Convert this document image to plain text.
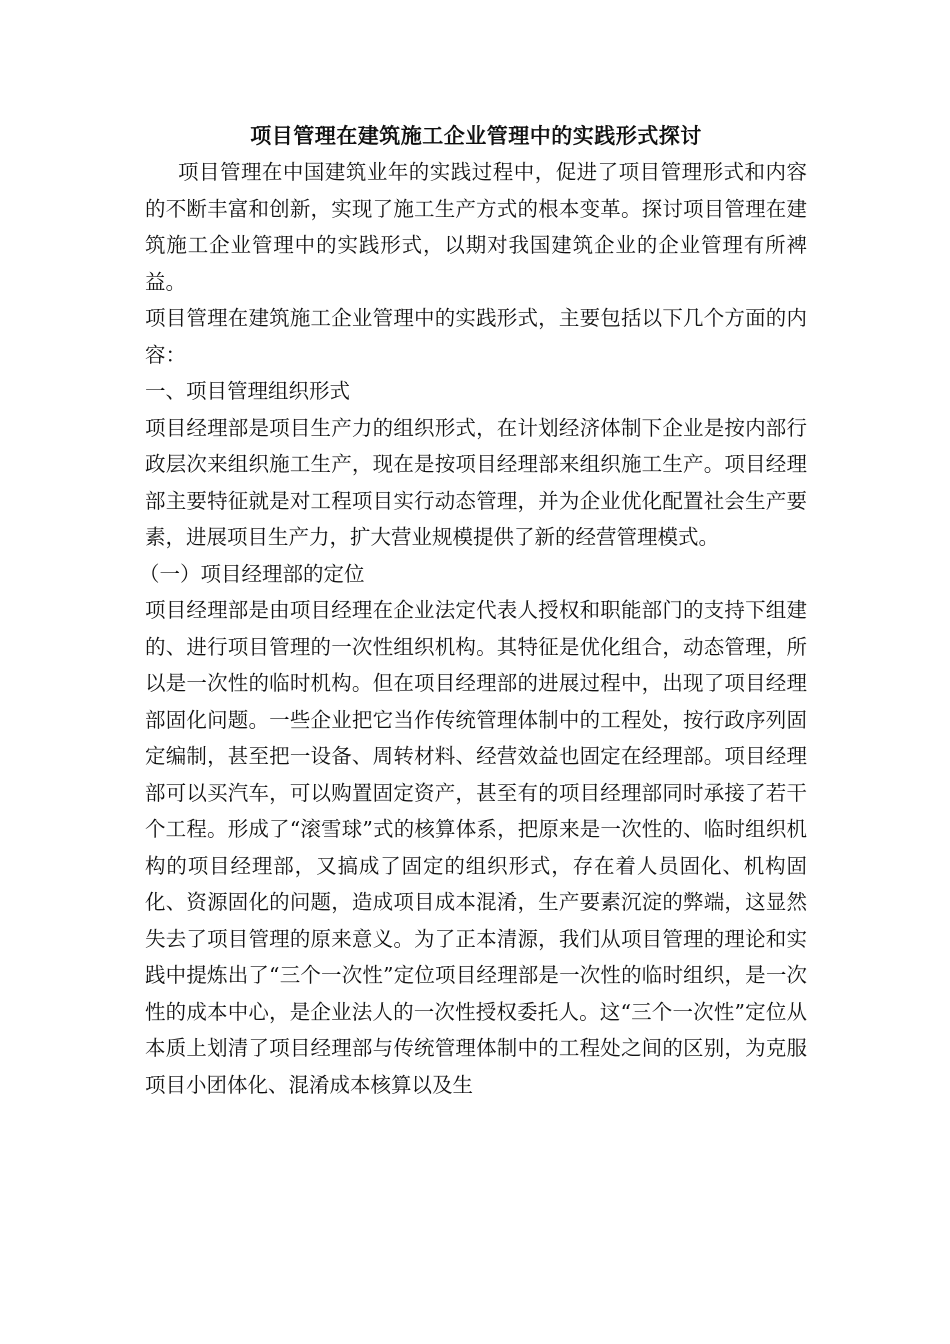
项目管理在建筑施工企业管理中的实践形式探讨

项目管理在中国建筑业年的实践过程中，促进了项目管理形式和内容的不断丰富和创新，实现了施工生产方式的根本变革。探讨项目管理在建筑施工企业管理中的实践形式，以期对我国建筑企业的企业管理有所裨益。

项目管理在建筑施工企业管理中的实践形式，主要包括以下几个方面的内容：

一、项目管理组织形式

项目经理部是项目生产力的组织形式，在计划经济体制下企业是按内部行政层次来组织施工生产，现在是按项目经理部来组织施工生产。项目经理部主要特征就是对工程项目实行动态管理，并为企业优化配置社会生产要素，进展项目生产力，扩大营业规模提供了新的经营管理模式。

（一）项目经理部的定位

项目经理部是由项目经理在企业法定代表人授权和职能部门的支持下组建的、进行项目管理的一次性组织机构。其特征是优化组合，动态管理，所以是一次性的临时机构。但在项目经理部的进展过程中，出现了项目经理部固化问题。一些企业把它当作传统管理体制中的工程处，按行政序列固定编制，甚至把一设备、周转材料、经营效益也固定在经理部。项目经理部可以买汽车，可以购置固定资产，甚至有的项目经理部同时承接了若干个工程。形成了“滚雪球”式的核算体系，把原来是一次性的、临时组织机构的项目经理部，又搞成了固定的组织形式，存在着人员固化、机构固化、资源固化的问题，造成项目成本混淆，生产要素沉淀的弊端，这显然失去了项目管理的原来意义。为了正本清源，我们从项目管理的理论和实践中提炼出了“三个一次性”定位项目经理部是一次性的临时组织，是一次性的成本中心，是企业法人的一次性授权委托人。这“三个一次性”定位从本质上划清了项目经理部与传统管理体制中的工程处之间的区别，为克服项目小团体化、混淆成本核算以及生
